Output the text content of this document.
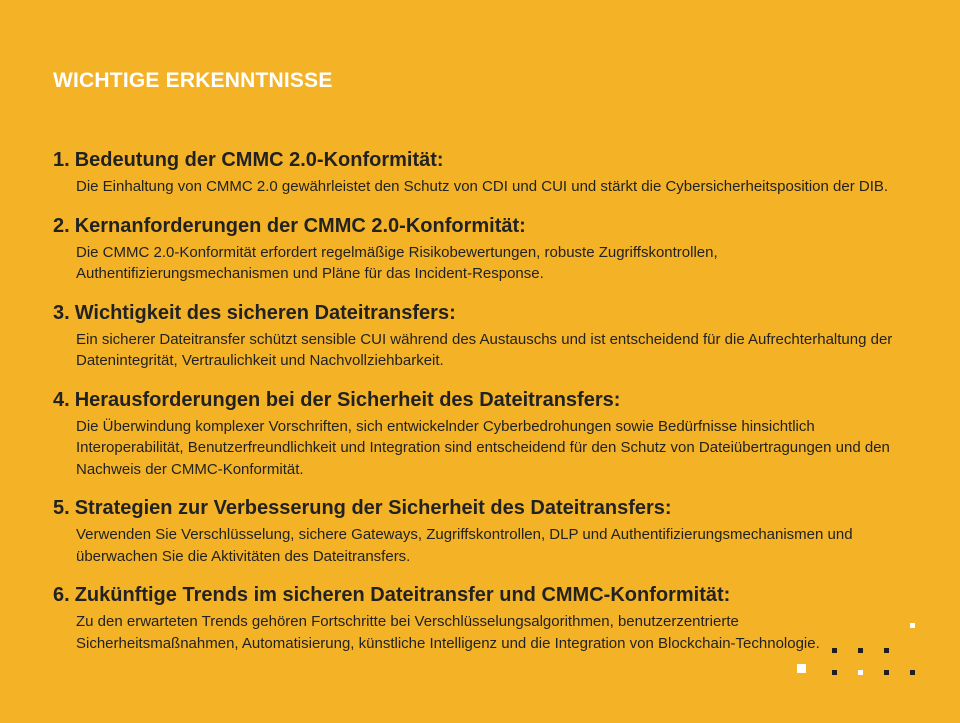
WICHTIGE ERKENNTNISSE
1. Bedeutung der CMMC 2.0-Konformität:
Die Einhaltung von CMMC 2.0 gewährleistet den Schutz von CDI und CUI und stärkt die Cybersicherheitsposition der DIB.
2. Kernanforderungen der CMMC 2.0-Konformität:
Die CMMC 2.0-Konformität erfordert regelmäßige Risikobewertungen, robuste Zugriffskontrollen, Authentifizierungsmechanismen und Pläne für das Incident-Response.
3. Wichtigkeit des sicheren Dateitransfers:
Ein sicherer Dateitransfer schützt sensible CUI während des Austauschs und ist entscheidend für die Aufrechterhaltung der Datenintegrität, Vertraulichkeit und Nachvollziehbarkeit.
4. Herausforderungen bei der Sicherheit des Dateitransfers:
Die Überwindung komplexer Vorschriften, sich entwickelnder Cyberbedrohungen sowie Bedürfnisse hinsichtlich Interoperabilität, Benutzerfreundlichkeit und Integration sind entscheidend für den Schutz von Dateiübertragungen und den Nachweis der CMMC-Konformität.
5. Strategien zur Verbesserung der Sicherheit des Dateitransfers:
Verwenden Sie Verschlüsselung, sichere Gateways, Zugriffskontrollen, DLP und Authentifizierungsmechanismen und überwachen Sie die Aktivitäten des Dateitransfers.
6. Zukünftige Trends im sicheren Dateitransfer und CMMC-Konformität:
Zu den erwarteten Trends gehören Fortschritte bei Verschlüsselungsalgorithmen, benutzerzentrierte Sicherheitsmaßnahmen, Automatisierung, künstliche Intelligenz und die Integration von Blockchain-Technologie.
